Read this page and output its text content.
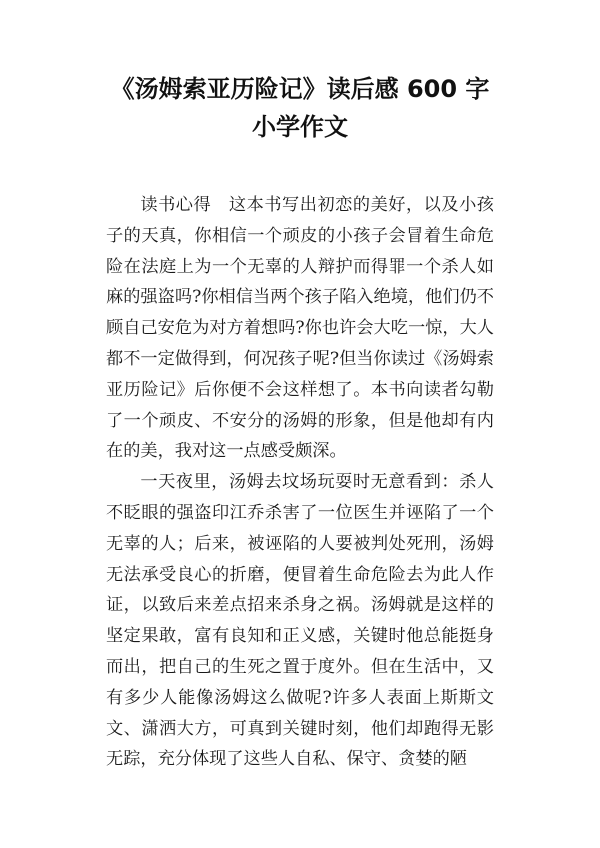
《汤姆索亚历险记》读后感 600 字小学作文

读书心得　这本书写出初恋的美好，以及小孩子的天真，你相信一个顽皮的小孩子会冒着生命危险在法庭上为一个无辜的人辩护而得罪一个杀人如麻的强盗吗?你相信当两个孩子陷入绝境，他们仍不顾自己安危为对方着想吗?你也许会大吃一惊，大人都不一定做得到，何况孩子呢?但当你读过《汤姆索亚历险记》后你便不会这样想了。本书向读者勾勒了一个顽皮、不安分的汤姆的形象，但是他却有内在的美，我对这一点感受颇深。

一天夜里，汤姆去坟场玩耍时无意看到：杀人不眨眼的强盗印江乔杀害了一位医生并诬陷了一个无辜的人；后来，被诬陷的人要被判处死刑，汤姆无法承受良心的折磨，便冒着生命危险去为此人作证，以致后来差点招来杀身之祸。汤姆就是这样的坚定果敢，富有良知和正义感，关键时他总能挺身而出，把自己的生死之置于度外。但在生活中，又有多少人能像汤姆这么做呢?许多人表面上斯斯文文、潇洒大方，可真到关键时刻，他们却跑得无影无踪，充分体现了这些人自私、保守、贪婪的陋
